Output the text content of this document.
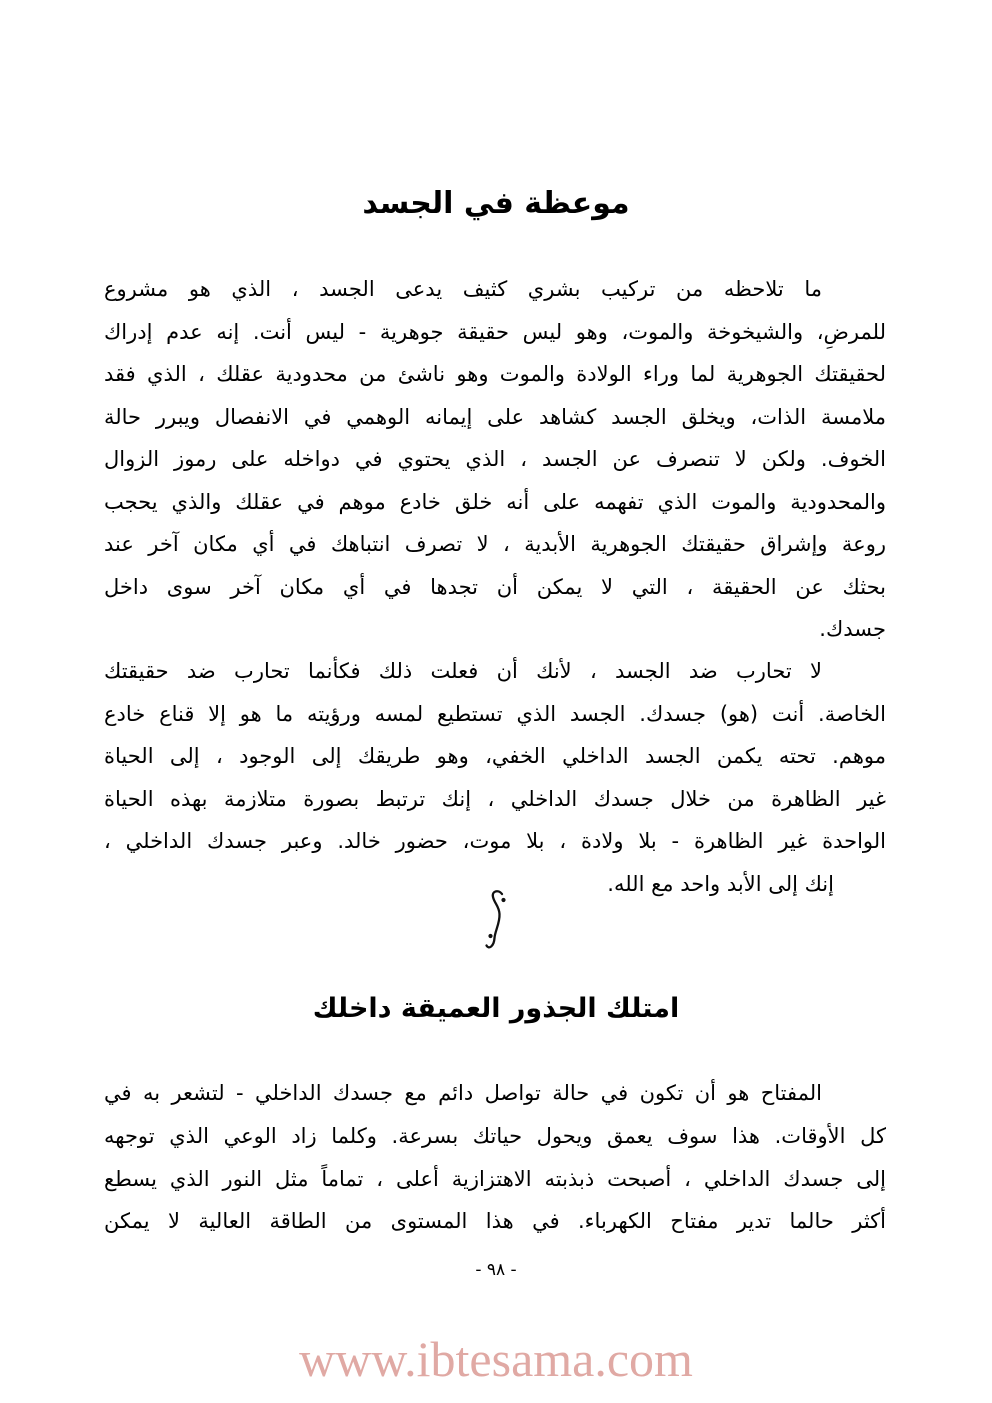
موعظة في الجسد
ما تلاحظه من تركيب بشري كثيف يدعى الجسد ، الذي هو مشروع
للمرضِ، والشيخوخة والموت، وهو ليس حقيقة جوهرية - ليس أنت. إنه عدم إدراك
لحقيقتك الجوهرية لما وراء الولادة والموت وهو ناشئ من محدودية عقلك ، الذي فقد
ملامسة الذات، ويخلق الجسد كشاهد على إيمانه الوهمي في الانفصال ويبرر حالة
الخوف. ولكن لا تنصرف عن الجسد ، الذي يحتوي في دواخله على رموز الزوال
والمحدودية والموت الذي تفهمه على أنه خلق خادع موهم في عقلك والذي يحجب
روعة وإشراق حقيقتك الجوهرية الأبدية ، لا تصرف انتباهك في أي مكان آخر عند
بحثك عن الحقيقة ، التي لا يمكن أن تجدها في أي مكان آخر سوى داخل
جسدك.
لا تحارب ضد الجسد ، لأنك أن فعلت ذلك فكأنما تحارب ضد حقيقتك
الخاصة. أنت (هو) جسدك. الجسد الذي تستطيع لمسه ورؤيته ما هو إلا قناع خادع
موهم. تحته يكمن الجسد الداخلي الخفي، وهو طريقك إلى الوجود ، إلى الحياة
غير الظاهرة من خلال جسدك الداخلي ، إنك ترتبط بصورة متلازمة بهذه الحياة
الواحدة غير الظاهرة - بلا ولادة ، بلا موت، حضور خالد. وعبر جسدك الداخلي ،
إنك إلى الأبد واحد مع الله.
امتلك الجذور العميقة داخلك
المفتاح هو أن تكون في حالة تواصل دائم مع جسدك الداخلي - لتشعر به في
كل الأوقات. هذا سوف يعمق ويحول حياتك بسرعة. وكلما زاد الوعي الذي توجهه
إلى جسدك الداخلي ، أصبحت ذبذبته الاهتزازية أعلى ، تماماً مثل النور الذي يسطع
أكثر حالما تدير مفتاح الكهرباء. في هذا المستوى من الطاقة العالية لا يمكن
- ٩٨ -
www.ibtesama.com
